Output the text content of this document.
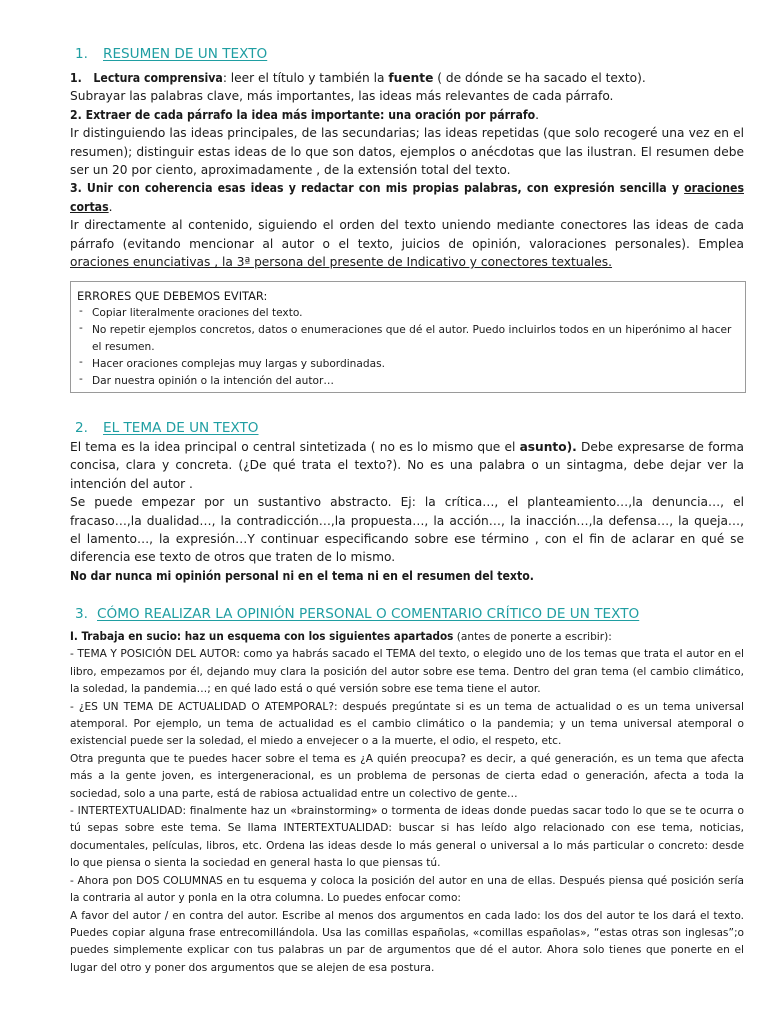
1. RESUMEN DE UN TEXTO

1. Lectura comprensiva: leer el título y también la fuente ( de dónde se ha sacado el texto).

Subrayar las palabras clave, más importantes, las ideas más relevantes de cada párrafo.

2. Extraer de cada párrafo la idea más importante: una oración por párrafo.

Ir distinguiendo las ideas principales, de las secundarias; las ideas repetidas (que solo recogeré una vez en el resumen); distinguir estas ideas de lo que son datos, ejemplos o anécdotas que las ilustran. El resumen debe ser un 20 por ciento, aproximadamente , de la extensión total del texto.

3. Unir con coherencia esas ideas y redactar con mis propias palabras, con expresión sencilla y oraciones cortas.

Ir directamente al contenido, siguiendo el orden del texto uniendo mediante conectores las ideas de cada párrafo (evitando mencionar al autor o el texto, juicios de opinión, valoraciones personales). Emplea oraciones enunciativas , la 3ª persona del presente de Indicativo y conectores textuales.

ERRORES QUE DEBEMOS EVITAR:
- Copiar literalmente oraciones del texto.
- No repetir ejemplos concretos, datos o enumeraciones que dé el autor. Puedo incluirlos todos en un hiperónimo al hacer el resumen.
- Hacer oraciones complejas muy largas y subordinadas.
- Dar nuestra opinión o la intención del autor…
2. EL TEMA DE UN TEXTO

El tema es la idea principal o central sintetizada ( no es lo mismo que el asunto). Debe expresarse de forma concisa, clara y concreta. (¿De qué trata el texto?). No es una palabra o un sintagma, debe dejar ver la intención del autor .

Se puede empezar por un sustantivo abstracto. Ej: la crítica…, el planteamiento…,la denuncia…, el fracaso…,la dualidad…, la contradicción…,la propuesta…, la acción…, la inacción…,la defensa…, la queja…, el lamento…, la expresión…Y continuar especificando sobre ese término , con el fin de aclarar en qué se diferencia ese texto de otros que traten de lo mismo.

No dar nunca mi opinión personal ni en el tema ni en el resumen del texto.

3. CÓMO REALIZAR LA OPINIÓN PERSONAL O COMENTARIO CRÍTICO DE UN TEXTO

I. Trabaja en sucio: haz un esquema con los siguientes apartados (antes de ponerte a escribir):

- TEMA Y POSICIÓN DEL AUTOR: como ya habrás sacado el TEMA del texto, o elegido uno de los temas que trata el autor en el libro, empezamos por él, dejando muy clara la posición del autor sobre ese tema. Dentro del gran tema (el cambio climático, la soledad, la pandemia…; en qué lado está o qué versión sobre ese tema tiene el autor.

- ¿ES UN TEMA DE ACTUALIDAD O ATEMPORAL?: después pregúntate si es un tema de actualidad o es un tema universal atemporal. Por ejemplo, un tema de actualidad es el cambio climático o la pandemia; y un tema universal atemporal o existencial puede ser la soledad, el miedo a envejecer o a la muerte, el odio, el respeto, etc.

Otra pregunta que te puedes hacer sobre el tema es ¿A quién preocupa? es decir, a qué generación, es un tema que afecta más a la gente joven, es intergeneracional, es un problema de personas de cierta edad o generación, afecta a toda la sociedad, solo a una parte, está de rabiosa actualidad entre un colectivo de gente…

- INTERTEXTUALIDAD: finalmente haz un «brainstorming» o tormenta de ideas donde puedas sacar todo lo que se te ocurra o tú sepas sobre este tema. Se llama INTERTEXTUALIDAD: buscar si has leído algo relacionado con ese tema, noticias, documentales, películas, libros, etc. Ordena las ideas desde lo más general o universal a lo más particular o concreto: desde lo que piensa o sienta la sociedad en general hasta lo que piensas tú.

- Ahora pon DOS COLUMNAS en tu esquema y coloca la posición del autor en una de ellas. Después piensa qué posición sería la contraria al autor y ponla en la otra columna. Lo puedes enfocar como:

A favor del autor / en contra del autor. Escribe al menos dos argumentos en cada lado: los dos del autor te los dará el texto. Puedes copiar alguna frase entrecomillándola. Usa las comillas españolas, «comillas españolas», “estas otras son inglesas”;o puedes simplemente explicar con tus palabras un par de argumentos que dé el autor. Ahora solo tienes que ponerte en el lugar del otro y poner dos argumentos que se alejen de esa postura.
